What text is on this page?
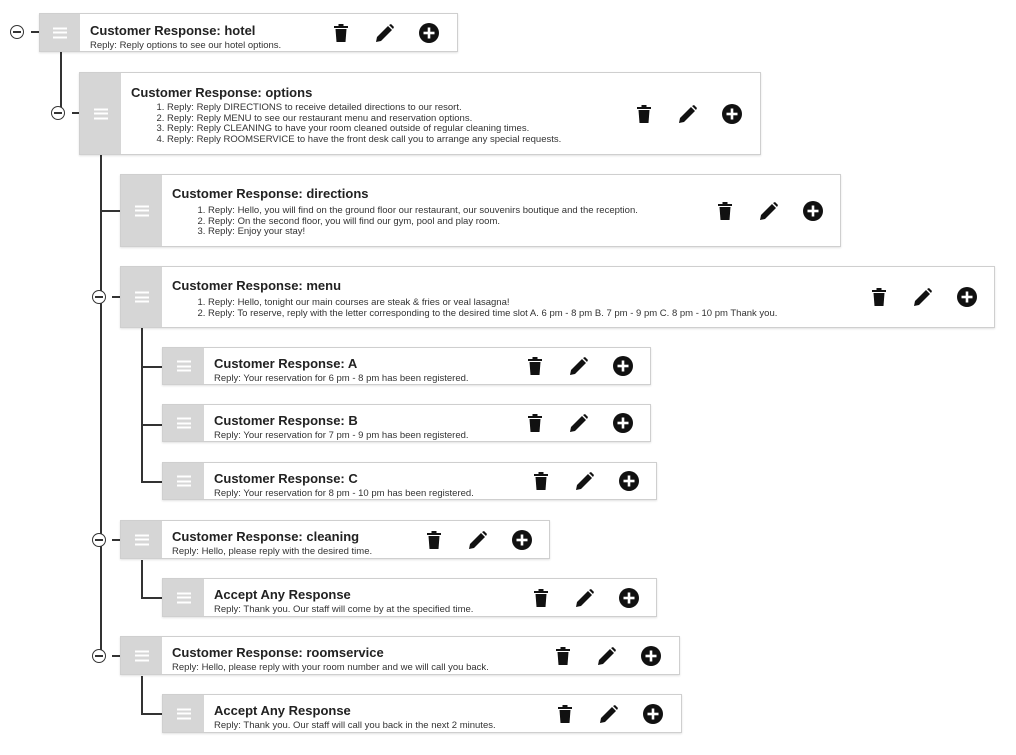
Customer Response: hotel
Reply: Reply options to see our hotel options.
Customer Response: options
1. Reply: Reply DIRECTIONS to receive detailed directions to our resort.
2. Reply: Reply MENU to see our restaurant menu and reservation options.
3. Reply: Reply CLEANING to have your room cleaned outside of regular cleaning times.
4. Reply: Reply ROOMSERVICE to have the front desk call you to arrange any special requests.
Customer Response: directions
1. Reply: Hello, you will find on the ground floor our restaurant, our souvenirs boutique and the reception.
2. Reply: On the second floor, you will find our gym, pool and play room.
3. Reply: Enjoy your stay!
Customer Response: menu
1. Reply: Hello, tonight our main courses are steak & fries or veal lasagna!
2. Reply: To reserve, reply with the letter corresponding to the desired time slot A. 6 pm - 8 pm B. 7 pm - 9 pm C. 8 pm - 10 pm Thank you.
Customer Response: A
Reply: Your reservation for 6 pm - 8 pm has been registered.
Customer Response: B
Reply: Your reservation for 7 pm - 9 pm has been registered.
Customer Response: C
Reply: Your reservation for 8 pm - 10 pm has been registered.
Customer Response: cleaning
Reply: Hello, please reply with the desired time.
Accept Any Response
Reply: Thank you. Our staff will come by at the specified time.
Customer Response: roomservice
Reply: Hello, please reply with your room number and we will call you back.
Accept Any Response
Reply: Thank you. Our staff will call you back in the next 2 minutes.
